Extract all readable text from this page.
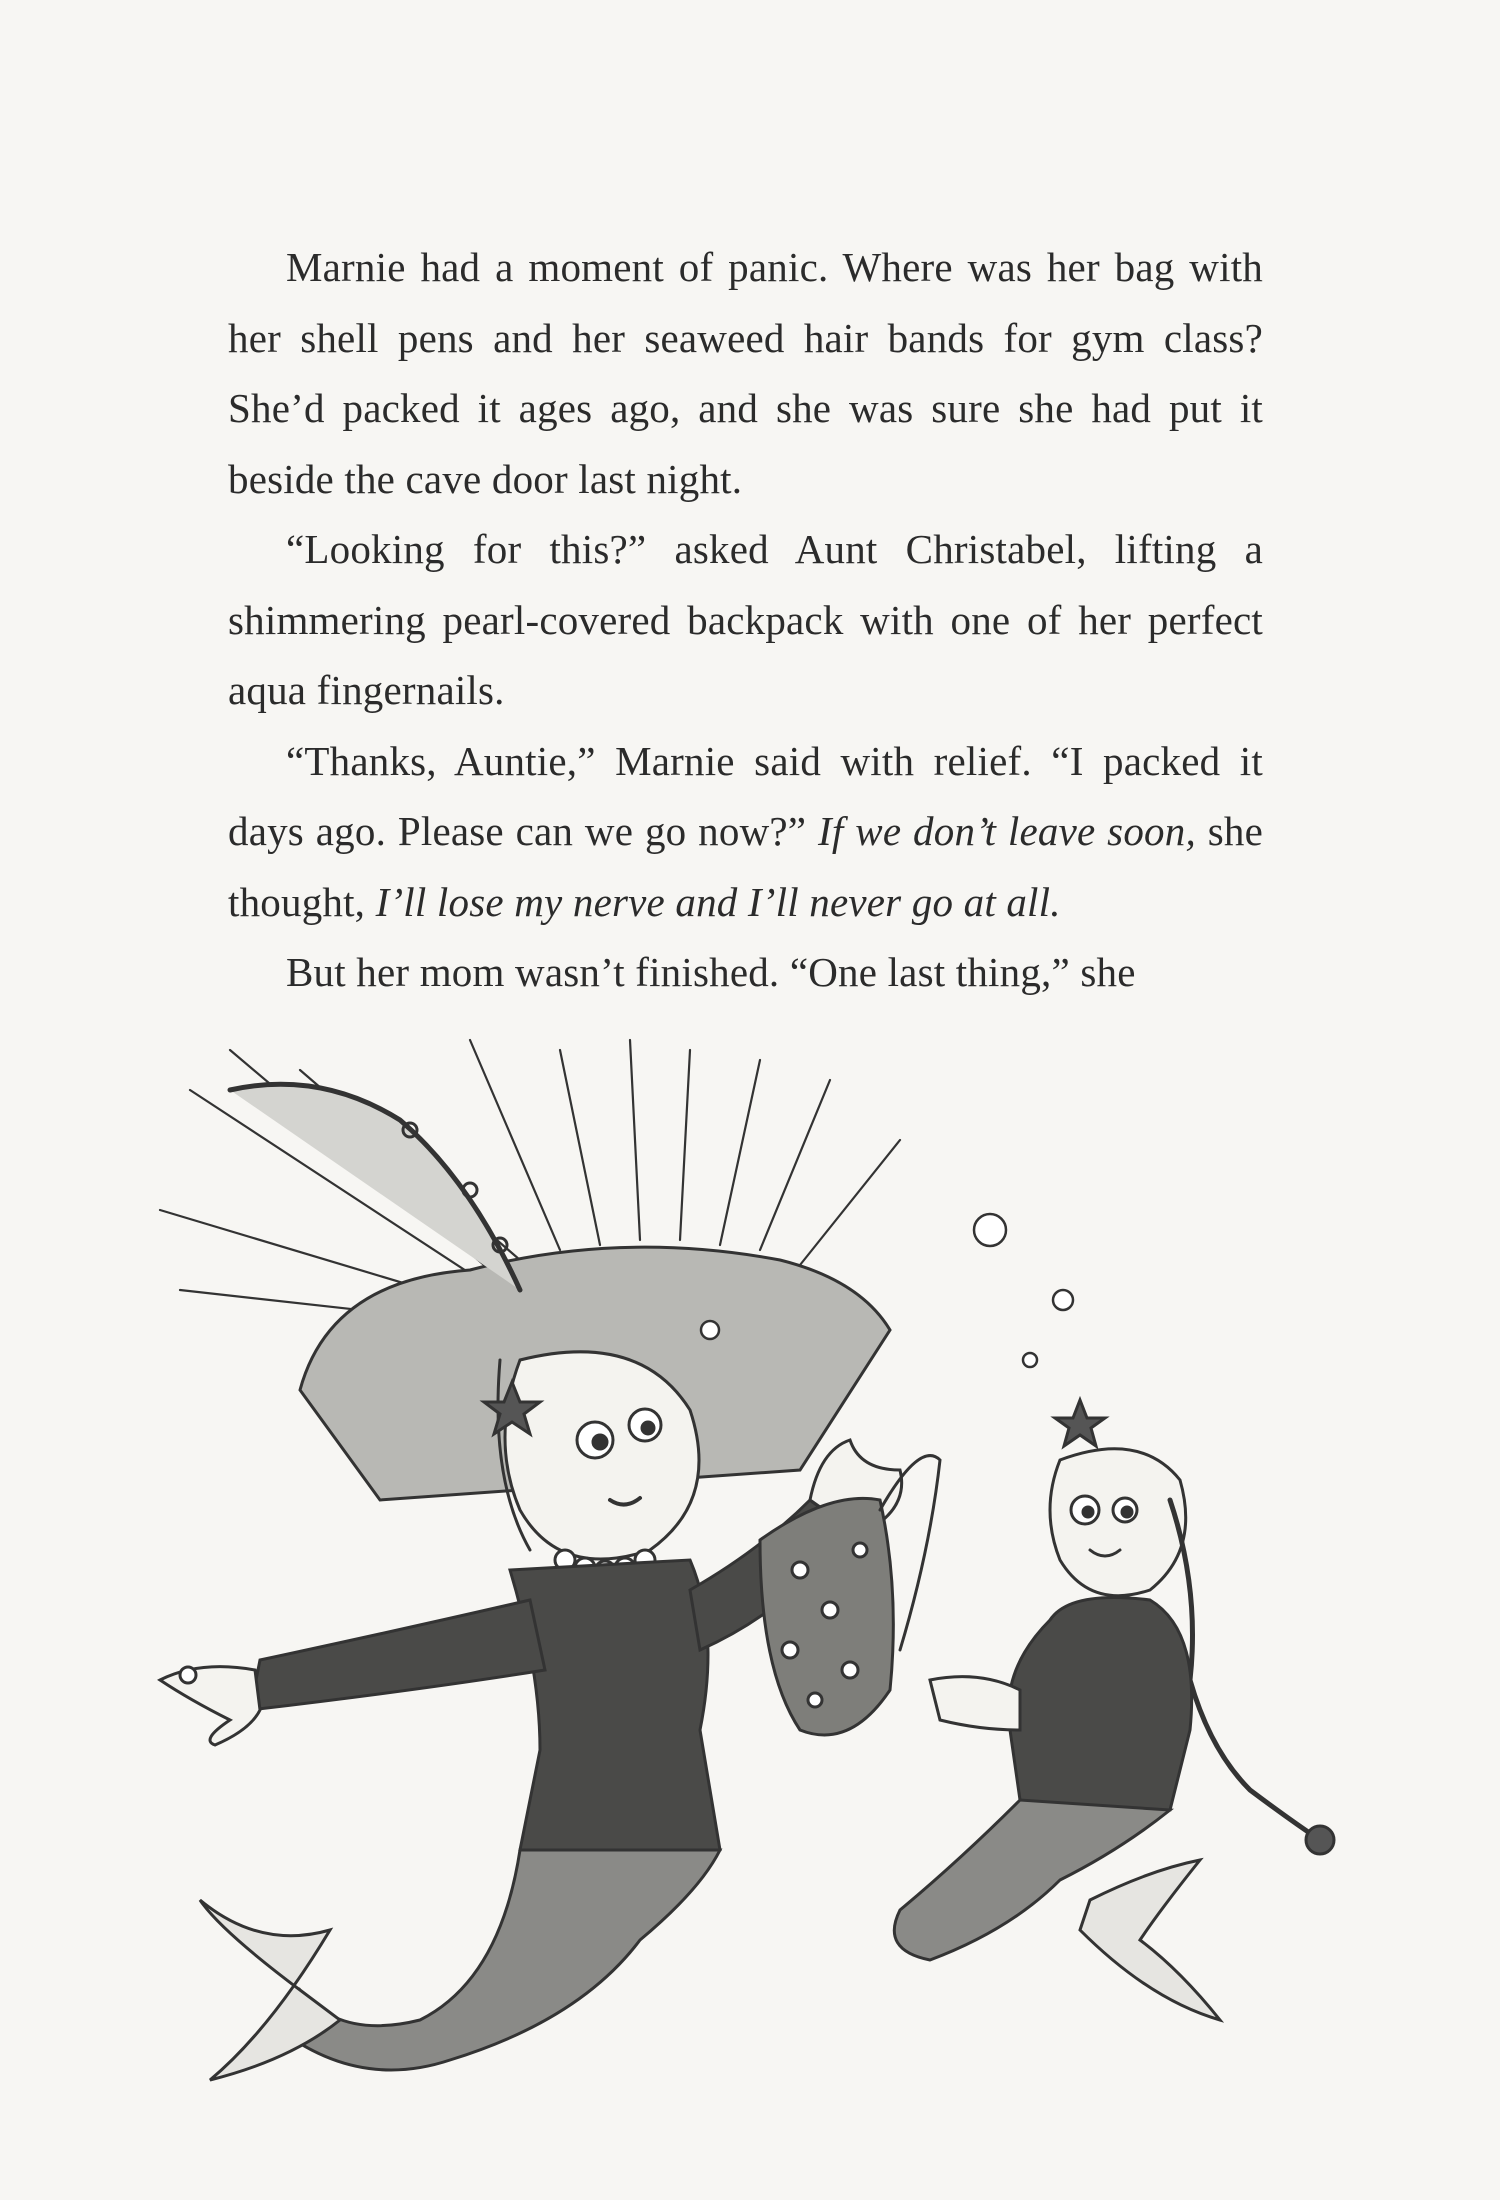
Marnie had a moment of panic. Where was her bag with her shell pens and her seaweed hair bands for gym class? She’d packed it ages ago, and she was sure she had put it beside the cave door last night.

“Looking for this?” asked Aunt Christabel, lifting a shimmering pearl-covered backpack with one of her perfect aqua fingernails.

“Thanks, Auntie,” Marnie said with relief. “I packed it days ago. Please can we go now?” If we don’t leave soon, she thought, I’ll lose my nerve and I’ll never go at all.

But her mom wasn’t finished. “One last thing,” she
